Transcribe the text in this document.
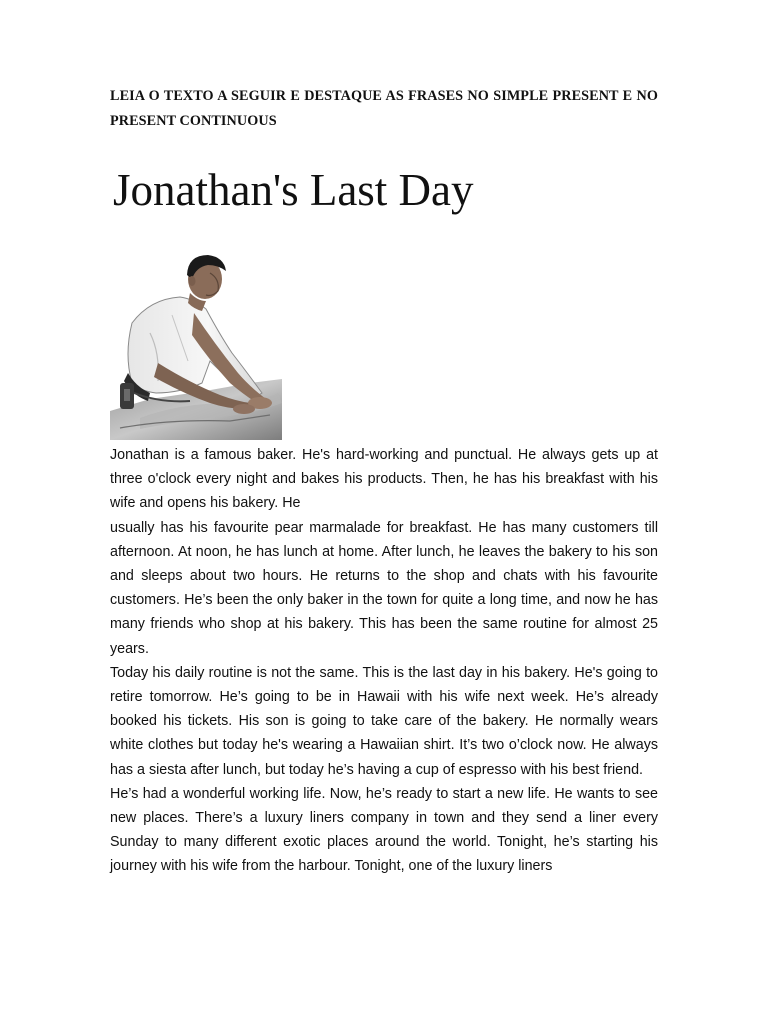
LEIA O TEXTO A SEGUIR E DESTAQUE AS FRASES NO SIMPLE PRESENT E NO PRESENT CONTINUOUS

Jonathan's Last Day

Jonathan is a famous baker. He's hard-working and punctual. He always gets up at three o'clock every night and bakes his products. Then, he has his breakfast with his wife and opens his bakery. He

usually has his favourite pear marmalade for breakfast. He has many customers till afternoon. At noon, he has lunch at home. After lunch, he leaves the bakery to his son and sleeps about two hours. He returns to the shop and chats with his favourite customers. He’s been the only baker in the town for quite a long time, and now he has many friends who shop at his bakery. This has been the same routine for almost 25 years.

Today his daily routine is not the same. This is the last day in his bakery. He's going to retire tomorrow. He’s going to be in Hawaii with his wife next week. He’s already booked his tickets. His son is going to take care of the bakery. He normally wears white clothes but today he's wearing a Hawaiian shirt. It’s two o’clock now. He always has a siesta after lunch, but today he’s having a cup of espresso with his best friend.

He’s had a wonderful working life. Now, he’s ready to start a new life. He wants to see new places. There’s a luxury liners company in town and they send a liner every Sunday to many different exotic places around the world. Tonight, he’s starting his journey with his wife from the harbour. Tonight, one of the luxury liners
